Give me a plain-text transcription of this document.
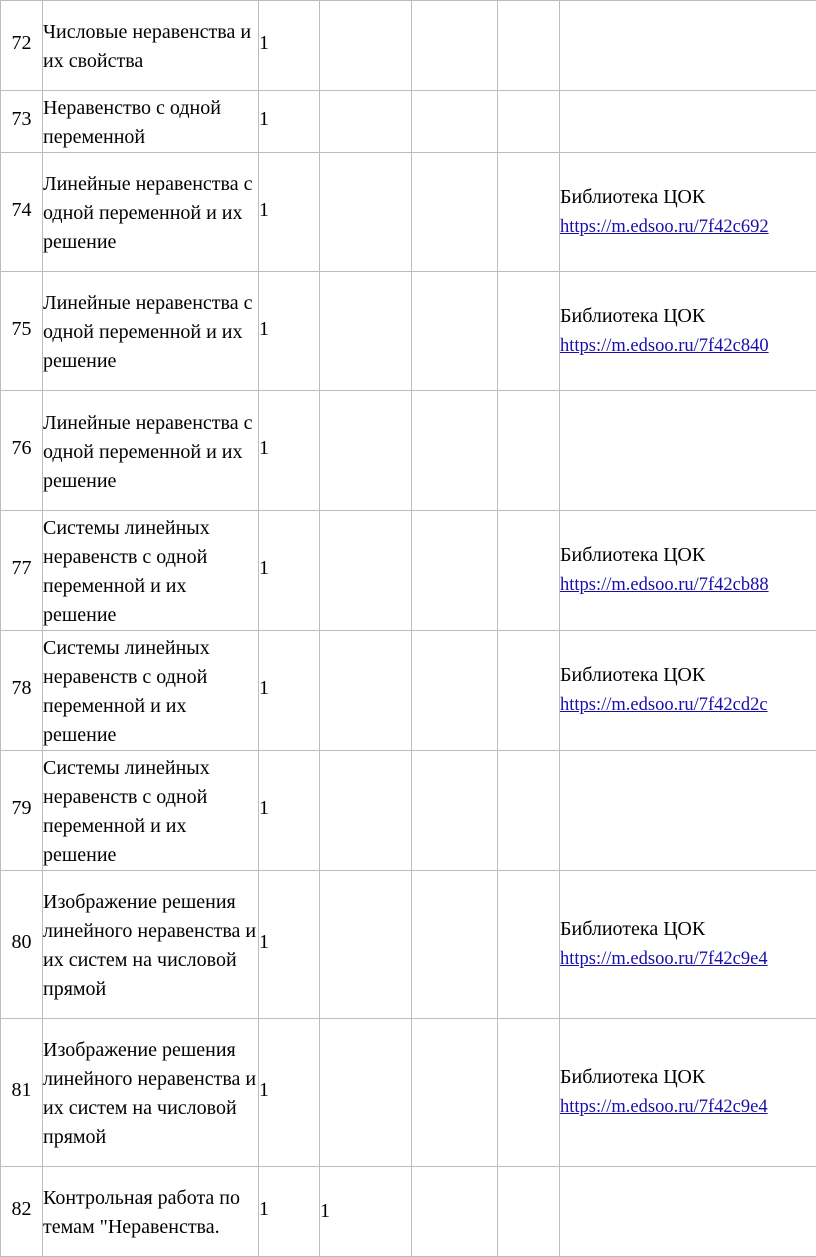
72	Числовые неравенства и их свойства	1				
73	Неравенство с одной переменной	1				
74	Линейные неравенства с одной переменной и их решение	1				Библиотека ЦОК
https://m.edsoo.ru/7f42c692
75	Линейные неравенства с одной переменной и их решение	1				Библиотека ЦОК
https://m.edsoo.ru/7f42c840
76	Линейные неравенства с одной переменной и их решение	1				
77	Системы линейных неравенств с одной переменной и их решение	1				Библиотека ЦОК
https://m.edsoo.ru/7f42cb88
78	Системы линейных неравенств с одной переменной и их решение	1				Библиотека ЦОК
https://m.edsoo.ru/7f42cd2c
79	Системы линейных неравенств с одной переменной и их решение	1				
80	Изображение решения линейного неравенства и их систем на числовой прямой	1				Библиотека ЦОК
https://m.edsoo.ru/7f42c9e4
81	Изображение решения линейного неравенства и их систем на числовой прямой	1				Библиотека ЦОК
https://m.edsoo.ru/7f42c9e4
82	Контрольная работа по темам "Неравенства.	1	1			
